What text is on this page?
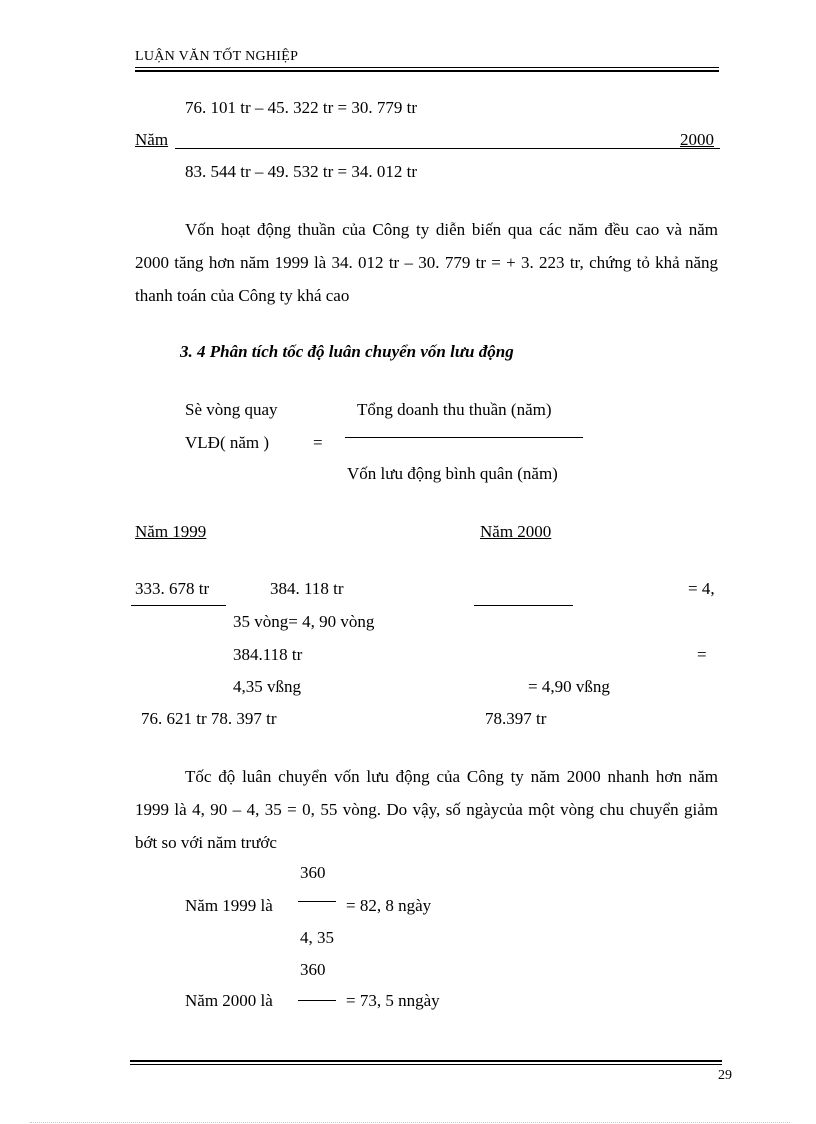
LUẬN VĂN TỐT NGHIỆP
76. 101 tr – 45. 322 tr = 30. 779 tr
Năm	2000
83. 544 tr – 49. 532 tr = 34. 012 tr
Vốn hoạt động thuần của Công ty diễn biến qua các năm đều cao và năm 2000 tăng hơn năm 1999 là 34. 012 tr – 30. 779 tr = + 3. 223 tr, chứng tỏ khả năng thanh toán của Công ty khá cao
3. 4 Phân tích tốc độ luân chuyển vốn lưu động
Sè vòng quay	Tổng doanh thu thuần (năm)
VLĐ( năm )	=
Vốn lưu động bình quân (năm)
Năm 1999	Năm 2000
333. 678 tr	384. 118 tr	= 4,
35 vòng= 4, 90 vòng
384.118 tr	=
4,35 vßng	= 4,90 vßng
76. 621 tr 78. 397 tr	78.397 tr
Tốc độ luân chuyển vốn lưu động của Công ty năm 2000 nhanh hơn năm 1999 là 4, 90 – 4, 35 = 0, 55 vòng. Do vậy, số ngàycủa một vòng chu chuyển giảm bớt so với năm trước
360
Năm 1999 là	= 82, 8 ngày
4, 35
360
Năm 2000 là	= 73, 5 nngày
29
